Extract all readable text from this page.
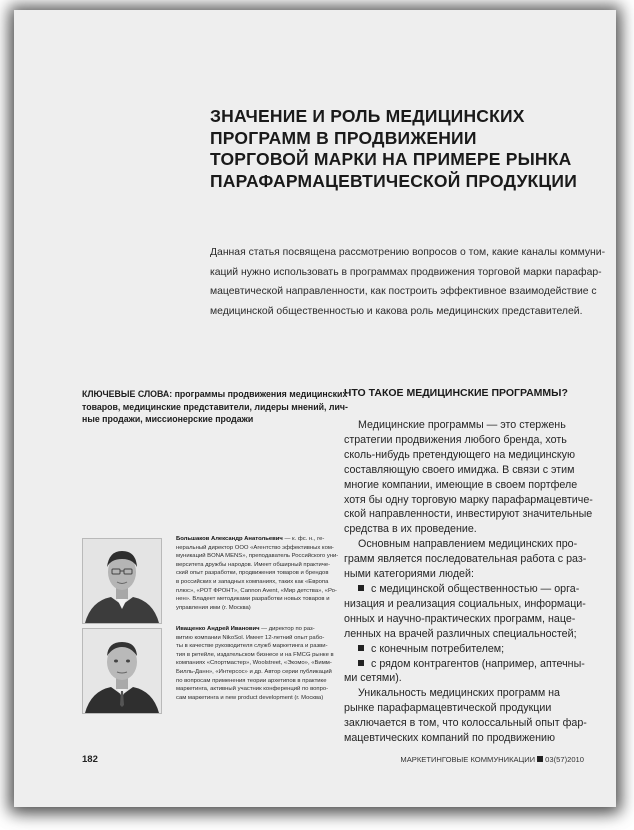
ЗНАЧЕНИЕ И РОЛЬ МЕДИЦИНСКИХ
ПРОГРАММ В ПРОДВИЖЕНИИ
ТОРГОВОЙ МАРКИ НА ПРИМЕРЕ РЫНКА
ПАРАФАРМАЦЕВТИЧЕСКОЙ ПРОДУКЦИИ
Данная статья посвящена рассмотрению вопросов о том, какие каналы коммуни-
каций нужно использовать в программах продвижения торговой марки парафар-
мацевтической направленности, как построить эффективное взаимодействие с
медицинской общественностью и какова роль медицинских представителей.
КЛЮЧЕВЫЕ СЛОВА: программы продвижения медицинских
товаров, медицинские представители, лидеры мнений, лич-
ные продажи, миссионерские продажи
ЧТО ТАКОЕ МЕДИЦИНСКИЕ ПРОГРАММЫ?
Медицинские программы — это стержень
стратегии продвижения любого бренда, хоть
сколь-нибудь претендующего на медицинскую
составляющую своего имиджа. В связи с этим
многие компании, имеющие в своем портфеле
хотя бы одну торговую марку парафармацевтиче-
ской направленности, инвестируют значительные
средства в их проведение.
Основным направлением медицинских про-
грамм является последовательная работа с раз-
ными категориями людей:
с медицинской общественностью — орга-
низация и реализация социальных, информаци-
онных и научно-практических программ, наце-
ленных на врачей различных специальностей;
с конечным потребителем;
с рядом контрагентов (например, аптечны-
ми сетями).
Уникальность медицинских программ на
рынке парафармацевтической продукции
заключается в том, что колоссальный опыт фар-
мацевтических компаний по продвижению
Большаков Александр Анатольевич — к. фс. н., ге-
неральный директор ООО «Агентство эффективных ком-
муникаций BONA MENS», преподаватель Российского уни-
верситета дружбы народов. Имеет обширный практиче-
ский опыт разработки, продвижения товаров и брендов
в российских и западных компаниях, таких как «Европа
плюс», «РОТ ФРОНТ», Cannon Avent, «Мир детства», «Ро-
нен». Владеет методиками разработки новых товаров и
управления ими (г. Москва)
Иващенко Андрей Иванович — директор по раз-
витию компании NikoSol. Имеет 12-летний опыт рабо-
ты в качестве руководителя служб маркетинга и разви-
тия в ретейле, издательском бизнесе и на FMCG рынке в
компаниях «Спортмастер», Woolstreet, «Экомо», «Вимм-
Билль-Данн», «Интерсос» и др. Автор серии публикаций
по вопросам применения теории архетипов в практике
маркетинга, активный участник конференций по вопро-
сам маркетинга и new product development (г. Москва)
182	МАРКЕТИНГОВЫЕ КОММУНИКАЦИИ 03(57)2010
